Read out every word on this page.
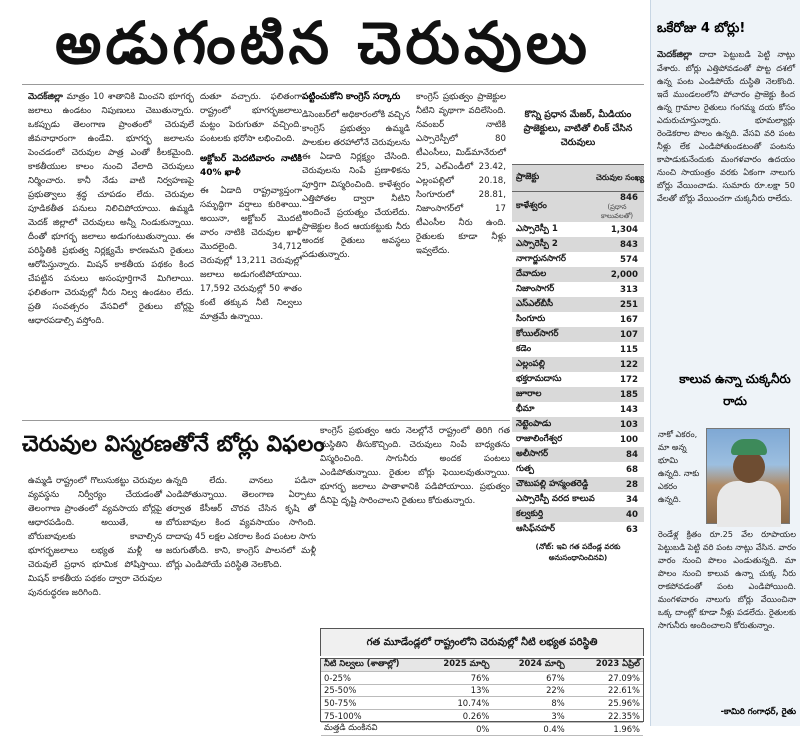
అడుగంటిన చెరువులు

మెదక్‌జిల్లా మాత్రం 10 శాతానికి మించని భూగర్భ జలాలు ఉండటం నిపుణులు చెబుతున్నారు. ఒకప్పుడు తెలంగాణ ప్రాంతంలో చెరువులే జీవనాధారంగా ఉండేవి. భూగర్భ జలాలను పెంచడంలో చెరువుల పాత్ర ఎంతో కీలకమైంది. కాకతీయుల కాలం నుంచి వేలాది చెరువులు నిర్మించారు. కానీ నేడు వాటి నిర్వహణపై ప్రభుత్వాలు శ్రద్ధ చూపడం లేదు. చెరువుల పూడికతీత పనులు నిలిచిపోయాయి. ఉమ్మడి మెదక్‌ జిల్లాలో చెరువులు అన్నీ నిండుకున్నాయి. దీంతో భూగర్భ జలాలు అడుగంటుతున్నాయి. ఈ పరిస్థితికి ప్రభుత్వ నిర్లక్ష్యమే కారణమని రైతులు ఆరోపిస్తున్నారు. మిషన్‌ కాకతీయ పథకం కింద చేపట్టిన పనులు అసంపూర్తిగానే మిగిలాయి. ఫలితంగా చెరువుల్లో నీరు నిల్వ ఉండటం లేదు. ప్రతి సంవత్సరం వేసవిలో రైతులు బోర్లపై ఆధారపడాల్సి వస్తోంది.

దుతూ వచ్చారు. ఫలితంగా రాష్ట్రంలో భూగర్భజలాలు మట్టం పెరుగుతూ వచ్చింది. పంటలకు భరోసా లభించింది.

అక్టోబర్‌ మెదటివారం నాటికి 40% ఖాళీ

ఈ ఏడాది రాష్ట్రవ్యాప్తంగా సమృద్ధిగా వర్షాలు కురిశాయి. అయినా, అక్టోబర్‌ మొదటి వారం నాటికి చెరువుల ఖాళీ మొదలైంది. 34,712 చెరువుల్లో 13,211 చెరువుల్లో జలాలు అడుగంటిపోయాయి. 17,592 చెరువుల్లో 50 శాతం కంటే తక్కువ నీటి నిల్వలు మాత్రమే ఉన్నాయి.

పట్టించుకోని కాంగ్రెస్‌ సర్కారు

డిసెంబర్‌లో అధికారంలోకి వచ్చిన కాంగ్రెస్‌ ప్రభుత్వం ఉమ్మడి పాలకుల తరహాలోనే చెరువులను ఈ ఏడాది నిర్లక్ష్యం చేసింది. చెరువులను నింపే ప్రణాళికను పూర్తిగా విస్మరించింది. కాళేశ్వరం ఎత్తిపోతల ద్వారా నీటిని అందించే ప్రయత్నం చేయలేదు. ప్రాజెక్టుల కింద ఆయకట్టుకు నీరు అందక రైతులు అవస్థలు పడుతున్నారు.

కాంగ్రెస్‌ ప్రభుత్వం ప్రాజెక్టుల నీటిని వృథాగా వదిలేసింది. నవంబర్‌ నాటికి ఎస్సారెస్పీలో 80 టీఎంసీలు, మిడ్‌మానేరులో 25, ఎల్‌ఎండీలో 23.42, ఎల్లంపల్లిలో 20.18, సింగూరులో 28.81, నిజాంసాగర్‌లో 17 టీఎంసీల నీరు ఉంది. రైతులకు కూడా నీళ్లు ఇవ్వలేదు.

చెరువుల విస్మరణతోనే బోర్లు విఫలం

ఉమ్మడి రాష్ట్రంలో గొలుసుకట్టు చెరువుల వ్యవస్థను నిర్వీర్యం చేయడంతో తెలంగాణ ప్రాంతంలో వ్యవసాయ బోర్లపై ఆధారపడింది. అయితే, ఆ బోరుబావులకు కావాల్సిన భూగర్భజలాలు లభ్యత మళ్లీ ఆ చెరువులే ప్రధాన భూమిక పోషిస్తాయి. మిషన్‌ కాకతీయ పథకం ద్వారా చెరువుల పునరుద్ధరణ జరిగింది.

ఉన్నది లేదు. వానలు పడినా ఎండిపోతున్నాయి. తెలంగాణ ఏర్పాటు తర్వాత కేసీఆర్‌ చొరవ చేసిన కృషి తో బోరుబావుల కింద వ్యవసాయం సాగింది. దాదాపు 45 లక్షల ఎకరాల కింద పంటల సాగు జరుగుతోంది. కాని, కాంగ్రెస్‌ పాలనలో మళ్లీ బోర్లు ఎండిపోయే పరిస్థితి నెలకొంది.

కాంగ్రెస్‌ ప్రభుత్వం ఆరు నెలల్లోనే రాష్ట్రంలో తిరిగి గత దుస్థితిని తీసుకొచ్చింది. చెరువులు నింపే బాధ్యతను విస్మరించింది. సాగునీరు అందక పంటలు ఎండిపోతున్నాయి. రైతుల బోర్లు ఫెయిలవుతున్నాయి. భూగర్భ జలాలు పాతాళానికి పడిపోయాయి. ప్రభుత్వం దీనిపై దృష్టి సారించాలని రైతులు కోరుతున్నారు.

కొన్ని ప్రధాన మేజర్‌, మీడియం ప్రాజెక్టులు, వాటితో లింక్‌ చేసిన చెరువులు
ప్రాజెక్టు	చెరువుల సంఖ్య
కాళేశ్వరం
846
(ప్రధాన కాలువలతో)
ఎస్సారెస్పీ 1	1,304
ఎస్సారెస్పీ 2	843
నాగార్జునసాగర్‌	574
దేవాదుల	2,000
నిజాంసాగర్‌	313
ఎస్‌ఎల్‌బీసీ	251
సింగూరు	167
కోయిల్‌సాగర్‌	107
కడెం	115
ఎల్లంపల్లి	122
భక్తరామదాసు	172
జూరాల	185
భీమా	143
నెట్టెంపాడు	103
రాజాలింగేశ్వర	100
అలీసాగర్‌	84
గుత్ప	68
చౌటుపల్లి హన్మంతరెడ్డి	28
ఎస్సారెస్పీ వరద కాలువ	34
కల్వకుర్తి	40
ఆసిఫ్‌నహర్‌	63
(నోట్‌: ఇవి గత పదేండ్ల వరకు అనుసంధానించినవి)
గత మూడేండ్లలో రాష్ట్రంలోని చెరువుల్లో నీటి లభ్యత పరిస్థితి
నీటి నిల్వలు (శాతాల్లో)	2025 మార్చి	2024 మార్చి	2023 ఏప్రిల్‌
0-25%	76%	67%	27.09%
25-50%	13%	22%	22.61%
50-75%	10.74%	8%	25.96%
75-100%	0.26%	3%	22.35%
మత్తడి దుంకినవి	0%	0.4%	1.96%
ఒకేరోజు 4 బోర్లు!
మెదక్‌జిల్లా దాదా పెట్టుబడి పెట్టి నాట్లు వేశారు. బోర్లు ఎత్తిపోవడంతో పొట్ట దశలో ఉన్న పంట ఎండిపోయే దుస్థితి నెలకొంది. ఇదే ముండలంలోని పోచారం ప్రాజెక్టు కింద ఉన్న గ్రామాల రైతులు గంగమ్మ దయ కోసం ఎదురుచూస్తున్నారు. భూమల్యార్లు రెండెకరాల పొలం ఉన్నది. వేసవి వరి పంట నీళ్లు లేక ఎండిపోతుండటంతో పంటను కాపాడుకునేందుకు మంగళవారం ఉదయం నుంచి సాయంత్రం వరకు ఏకంగా నాలుగు బోర్లు వేయించాడు. సుమారు రూ.లక్షా 50 వేలతో బోర్లు వేయించగా చుక్కనీరు రాలేదు.
కాలువ ఉన్నా చుక్కనీరు రాదు
నాకో ఎకరం, మా అన్న భూమి ఉన్నది. నాకు ఎకరం ఉన్నది.
రెండేళ్ల క్రితం రూ.25 వేల రూపాయల పెట్టుబడి పెట్టి వరి పంట నాట్లు వేసిన. వారం వారం నుంచి పొలం ఎండుతున్నది. మా పొలం నుంచి కాలువ ఉన్నా చుక్క నీరు రాకపోవడంతో పంట ఎండిపోయింది. మంగళవారం నాలుగు బోర్లు వేయించినా ఒక్క దాంట్లో కూడా నీళ్లు పడలేదు. రైతులకు సాగునీరు అందించాలని కోరుతున్నాం.
-కామిరి గంగాధర్‌, రైతు
